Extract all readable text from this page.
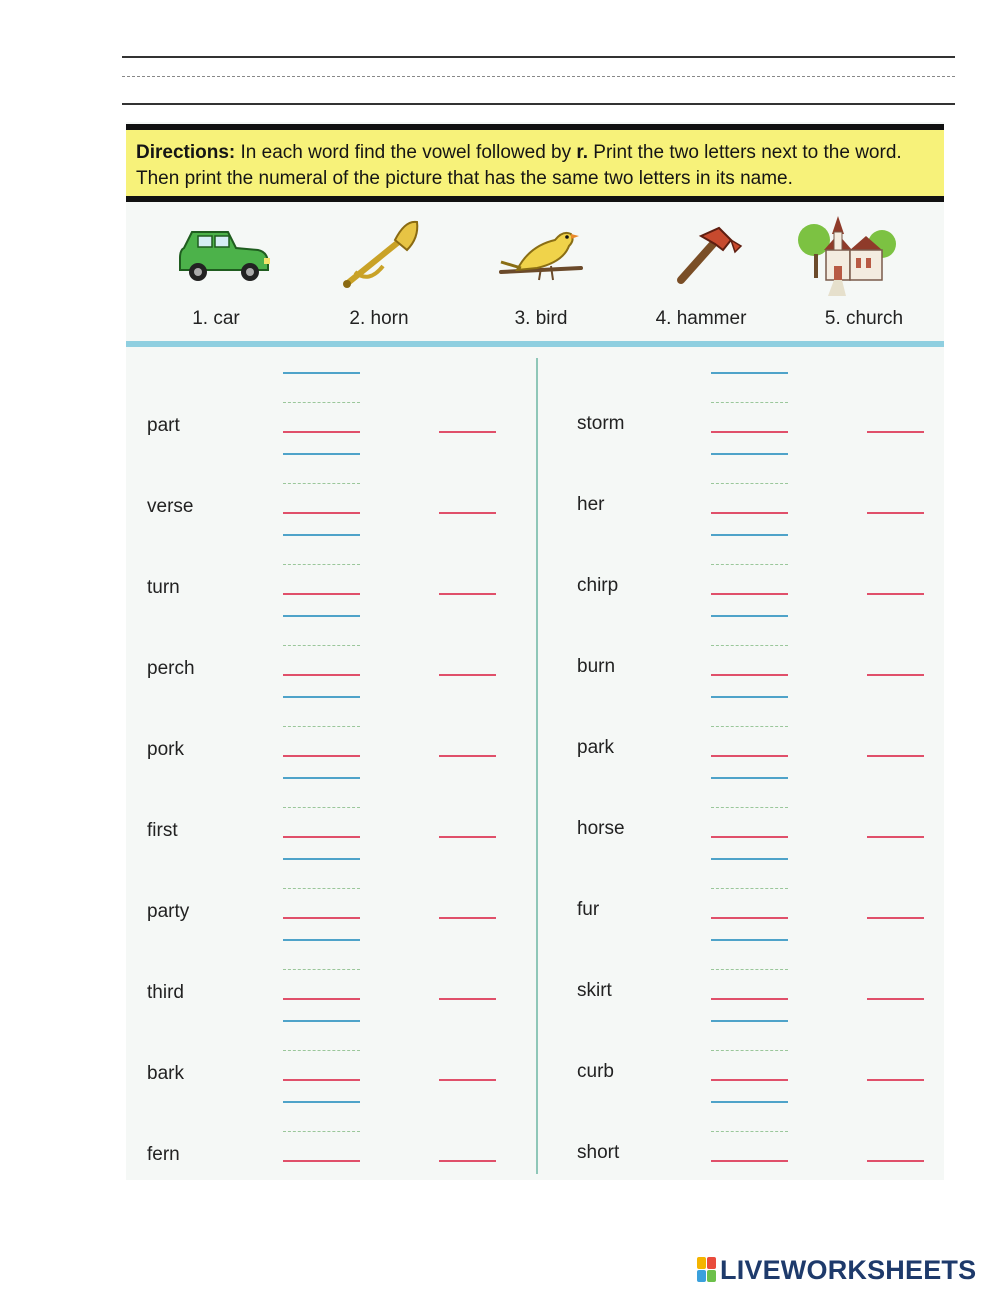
Directions: In each word find the vowel followed by r. Print the two letters next to the word. Then print the numeral of the picture that has the same two letters in its name.
1. car	2. horn	3. bird	4. hammer	5. church
part
verse
turn
perch
pork
first
party
third
bark
fern
storm
her
chirp
burn
park
horse
fur
skirt
curb
short
LIVEWORKSHEETS
